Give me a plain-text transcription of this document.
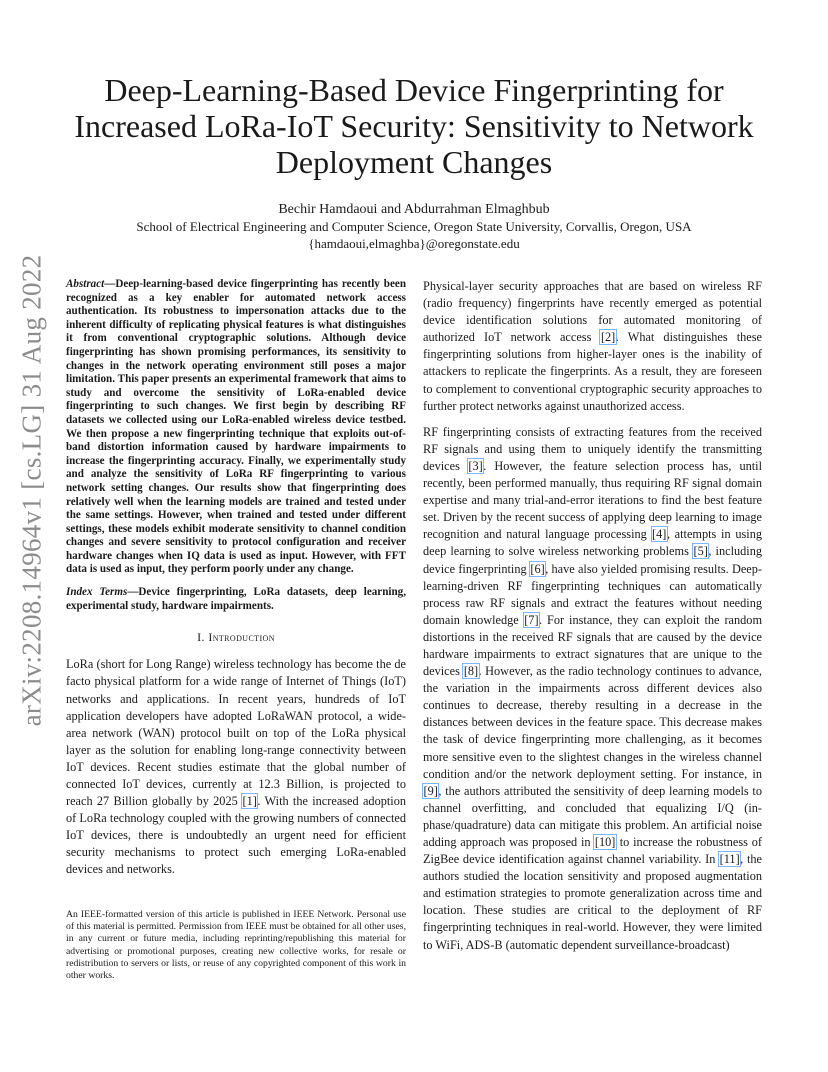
arXiv:2208.14964v1 [cs.LG] 31 Aug 2022
Deep-Learning-Based Device Fingerprinting for Increased LoRa-IoT Security: Sensitivity to Network Deployment Changes
Bechir Hamdaoui and Abdurrahman Elmaghbub
School of Electrical Engineering and Computer Science, Oregon State University, Corvallis, Oregon, USA
{hamdaoui,elmaghba}@oregonstate.edu

Abstract—Deep-learning-based device fingerprinting has recently been recognized as a key enabler for automated network access authentication. Its robustness to impersonation attacks due to the inherent difficulty of replicating physical features is what distinguishes it from conventional cryptographic solutions. Although device fingerprinting has shown promising performances, its sensitivity to changes in the network operating environment still poses a major limitation. This paper presents an experimental framework that aims to study and overcome the sensitivity of LoRa-enabled device fingerprinting to such changes. We first begin by describing RF datasets we collected using our LoRa-enabled wireless device testbed. We then propose a new fingerprinting technique that exploits out-of-band distortion information caused by hardware impairments to increase the fingerprinting accuracy. Finally, we experimentally study and analyze the sensitivity of LoRa RF fingerprinting to various network setting changes. Our results show that fingerprinting does relatively well when the learning models are trained and tested under the same settings. However, when trained and tested under different settings, these models exhibit moderate sensitivity to channel condition changes and severe sensitivity to protocol configuration and receiver hardware changes when IQ data is used as input. However, with FFT data is used as input, they perform poorly under any change.

Index Terms—Device fingerprinting, LoRa datasets, deep learning, experimental study, hardware impairments.

I. Introduction

LoRa (short for Long Range) wireless technology has become the de facto physical platform for a wide range of Internet of Things (IoT) networks and applications. In recent years, hundreds of IoT application developers have adopted LoRaWAN protocol, a wide-area network (WAN) protocol built on top of the LoRa physical layer as the solution for enabling long-range connectivity between IoT devices. Recent studies estimate that the global number of connected IoT devices, currently at 12.3 Billion, is projected to reach 27 Billion globally by 2025 [1]. With the increased adoption of LoRa technology coupled with the growing numbers of connected IoT devices, there is undoubtedly an urgent need for efficient security mechanisms to protect such emerging LoRa-enabled devices and networks.

An IEEE-formatted version of this article is published in IEEE Network. Personal use of this material is permitted. Permission from IEEE must be obtained for all other uses, in any current or future media, including reprinting/republishing this material for advertising or promotional purposes, creating new collective works, for resale or redistribution to servers or lists, or reuse of any copyrighted component of this work in other works.

Physical-layer security approaches that are based on wireless RF (radio frequency) fingerprints have recently emerged as potential device identification solutions for automated monitoring of authorized IoT network access [2]. What distinguishes these fingerprinting solutions from higher-layer ones is the inability of attackers to replicate the fingerprints. As a result, they are foreseen to complement to conventional cryptographic security approaches to further protect networks against unauthorized access.

RF fingerprinting consists of extracting features from the received RF signals and using them to uniquely identify the transmitting devices [3]. However, the feature selection process has, until recently, been performed manually, thus requiring RF signal domain expertise and many trial-and-error iterations to find the best feature set. Driven by the recent success of applying deep learning to image recognition and natural language processing [4], attempts in using deep learning to solve wireless networking problems [5], including device fingerprinting [6], have also yielded promising results. Deep-learning-driven RF fingerprinting techniques can automatically process raw RF signals and extract the features without needing domain knowledge [7]. For instance, they can exploit the random distortions in the received RF signals that are caused by the device hardware impairments to extract signatures that are unique to the devices [8]. However, as the radio technology continues to advance, the variation in the impairments across different devices also continues to decrease, thereby resulting in a decrease in the distances between devices in the feature space. This decrease makes the task of device fingerprinting more challenging, as it becomes more sensitive even to the slightest changes in the wireless channel condition and/or the network deployment setting. For instance, in [9], the authors attributed the sensitivity of deep learning models to channel overfitting, and concluded that equalizing I/Q (in-phase/quadrature) data can mitigate this problem. An artificial noise adding approach was proposed in [10] to increase the robustness of ZigBee device identification against channel variability. In [11], the authors studied the location sensitivity and proposed augmentation and estimation strategies to promote generalization across time and location. These studies are critical to the deployment of RF fingerprinting techniques in real-world. However, they were limited to WiFi, ADS-B (automatic dependent surveillance-broadcast)
